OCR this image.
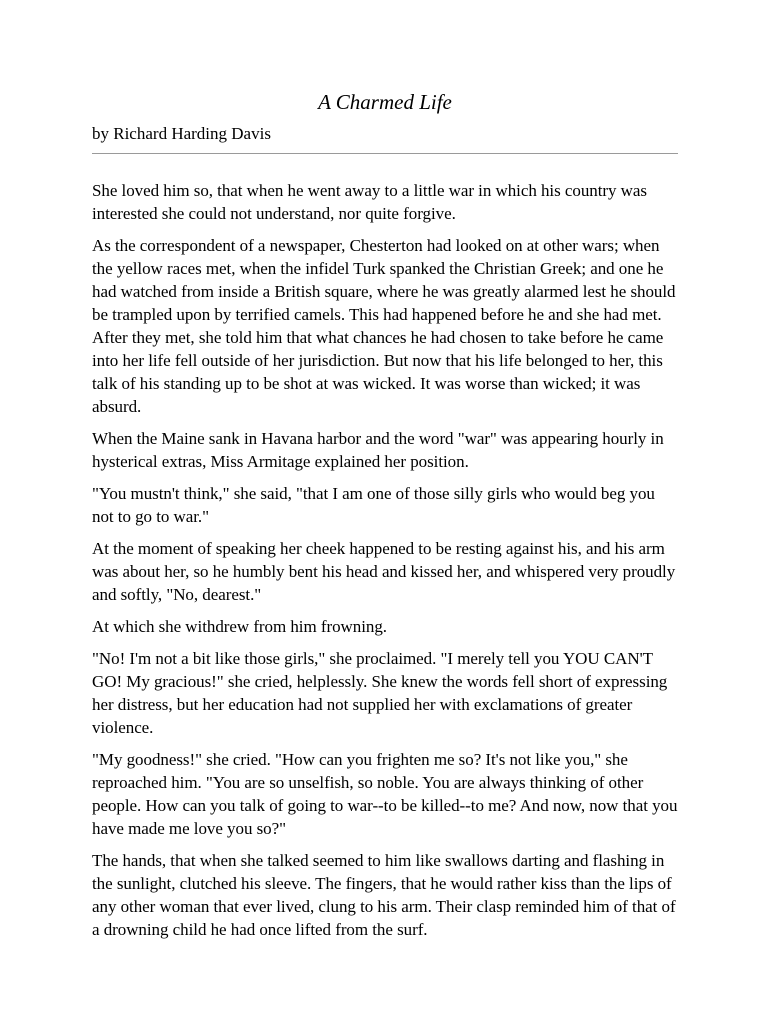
A Charmed Life
by Richard Harding Davis

She loved him so, that when he went away to a little war in which his country was interested she could not understand, nor quite forgive.

As the correspondent of a newspaper, Chesterton had looked on at other wars; when the yellow races met, when the infidel Turk spanked the Christian Greek; and one he had watched from inside a British square, where he was greatly alarmed lest he should be trampled upon by terrified camels. This had happened before he and she had met. After they met, she told him that what chances he had chosen to take before he came into her life fell outside of her jurisdiction. But now that his life belonged to her, this talk of his standing up to be shot at was wicked. It was worse than wicked; it was absurd.

When the Maine sank in Havana harbor and the word "war" was appearing hourly in hysterical extras, Miss Armitage explained her position.

"You mustn't think," she said, "that I am one of those silly girls who would beg you not to go to war."

At the moment of speaking her cheek happened to be resting against his, and his arm was about her, so he humbly bent his head and kissed her, and whispered very proudly and softly, "No, dearest."

At which she withdrew from him frowning.

"No! I'm not a bit like those girls," she proclaimed. "I merely tell you YOU CAN'T GO! My gracious!" she cried, helplessly. She knew the words fell short of expressing her distress, but her education had not supplied her with exclamations of greater violence.

"My goodness!" she cried. "How can you frighten me so? It's not like you," she reproached him. "You are so unselfish, so noble. You are always thinking of other people. How can you talk of going to war--to be killed--to me? And now, now that you have made me love you so?"

The hands, that when she talked seemed to him like swallows darting and flashing in the sunlight, clutched his sleeve. The fingers, that he would rather kiss than the lips of any other woman that ever lived, clung to his arm. Their clasp reminded him of that of a drowning child he had once lifted from the surf.
